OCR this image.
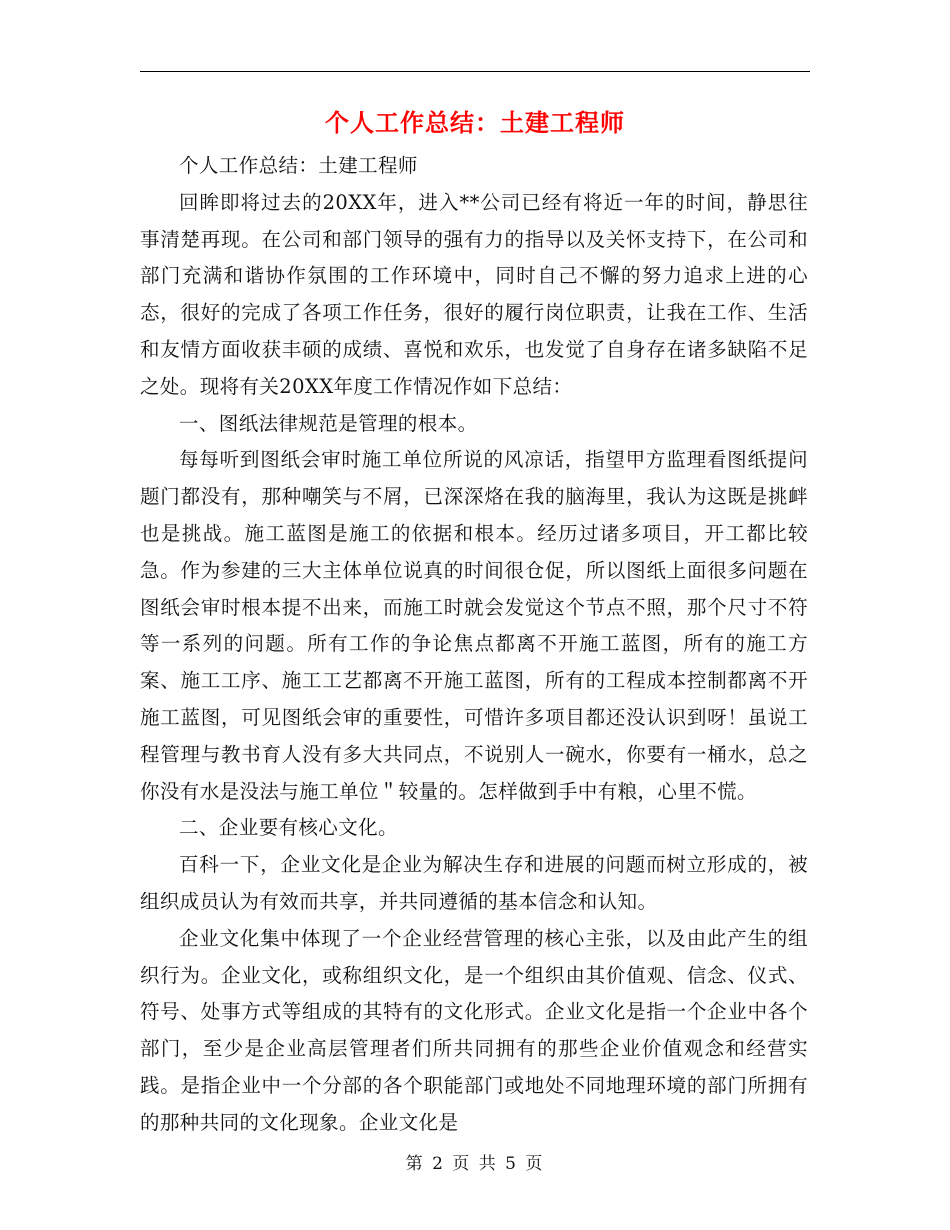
个人工作总结：土建工程师

个人工作总结：土建工程师

回眸即将过去的20XX年，进入**公司已经有将近一年的时间，静思往事清楚再现。在公司和部门领导的强有力的指导以及关怀支持下，在公司和部门充满和谐协作氛围的工作环境中，同时自己不懈的努力追求上进的心态，很好的完成了各项工作任务，很好的履行岗位职责，让我在工作、生活和友情方面收获丰硕的成绩、喜悦和欢乐，也发觉了自身存在诸多缺陷不足之处。现将有关20XX年度工作情况作如下总结：

一、图纸法律规范是管理的根本。

每每听到图纸会审时施工单位所说的风凉话，指望甲方监理看图纸提问题门都没有，那种嘲笑与不屑，已深深烙在我的脑海里，我认为这既是挑衅也是挑战。施工蓝图是施工的依据和根本。经历过诸多项目，开工都比较急。作为参建的三大主体单位说真的时间很仓促，所以图纸上面很多问题在图纸会审时根本提不出来，而施工时就会发觉这个节点不照，那个尺寸不符等一系列的问题。所有工作的争论焦点都离不开施工蓝图，所有的施工方案、施工工序、施工工艺都离不开施工蓝图，所有的工程成本控制都离不开施工蓝图，可见图纸会审的重要性，可惜许多项目都还没认识到呀！虽说工程管理与教书育人没有多大共同点，不说别人一碗水，你要有一桶水，总之你没有水是没法与施工单位＂较量的。怎样做到手中有粮，心里不慌。

二、企业要有核心文化。

百科一下，企业文化是企业为解决生存和进展的问题而树立形成的，被组织成员认为有效而共享，并共同遵循的基本信念和认知。

企业文化集中体现了一个企业经营管理的核心主张，以及由此产生的组织行为。企业文化，或称组织文化，是一个组织由其价值观、信念、仪式、符号、处事方式等组成的其特有的文化形式。企业文化是指一个企业中各个部门，至少是企业高层管理者们所共同拥有的那些企业价值观念和经营实践。是指企业中一个分部的各个职能部门或地处不同地理环境的部门所拥有的那种共同的文化现象。企业文化是

第 2 页 共 5 页
